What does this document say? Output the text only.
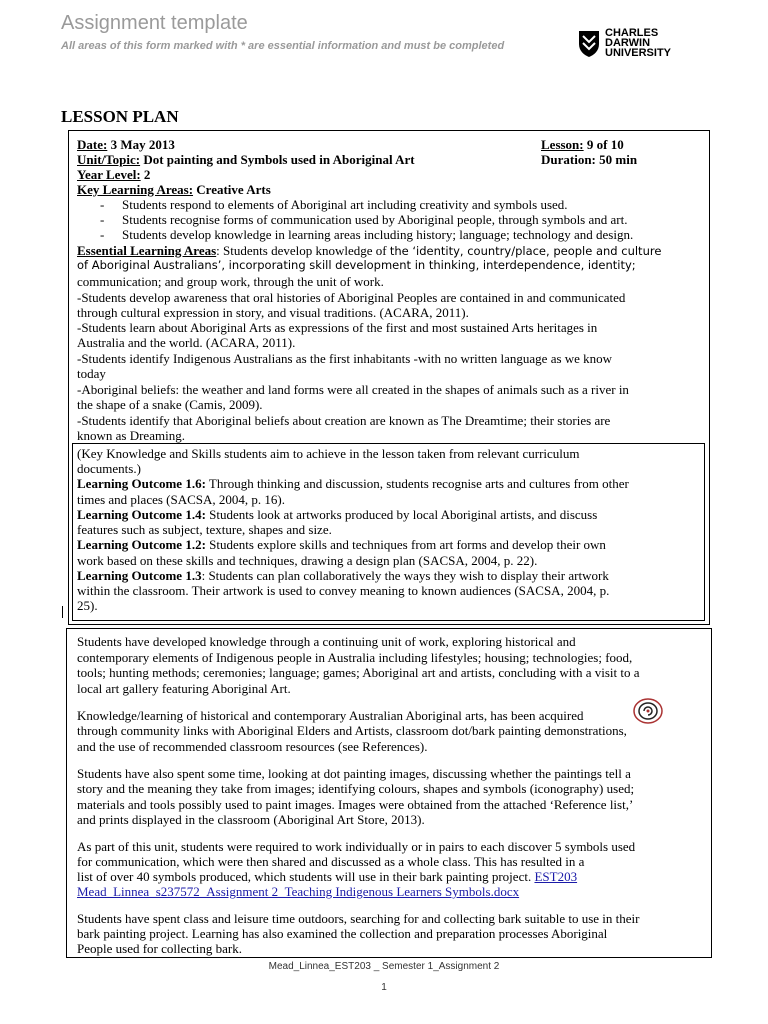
Assignment template
All areas of this form marked with * are essential information and must be completed
CHARLES
DARWIN
UNIVERSITY
LESSON PLAN
Date: 3 May 2013	Lesson: 9 of 10
Unit/Topic: Dot painting and Symbols used in Aboriginal Art	Duration: 50 min
Year Level: 2
Key Learning Areas: Creative Arts
- Students respond to elements of Aboriginal art including creativity and symbols used.
- Students recognise forms of communication used by Aboriginal people, through symbols and art.
- Students develop knowledge in learning areas including history; language; technology and design.
Essential Learning Areas: Students develop knowledge of the ‘identity, country/place, people and culture
of Aboriginal Australians’, incorporating skill development in thinking, interdependence, identity;
communication; and group work, through the unit of work.
-Students develop awareness that oral histories of Aboriginal Peoples are contained in and communicated
through cultural expression in story, and visual traditions. (ACARA, 2011).
-Students learn about Aboriginal Arts as expressions of the first and most sustained Arts heritages in
Australia and the world. (ACARA, 2011).
-Students identify Indigenous Australians as the first inhabitants -with no written language as we know
today
-Aboriginal beliefs: the weather and land forms were all created in the shapes of animals such as a river in
the shape of a snake (Camis, 2009).
-Students identify that Aboriginal beliefs about creation are known as The Dreamtime; their stories are
known as Dreaming.
(Key Knowledge and Skills students aim to achieve in the lesson taken from relevant curriculum
documents.)
Learning Outcome 1.6: Through thinking and discussion, students recognise arts and cultures from other
times and places (SACSA, 2004, p. 16).
Learning Outcome 1.4: Students look at artworks produced by local Aboriginal artists, and discuss
features such as subject, texture, shapes and size.
Learning Outcome 1.2: Students explore skills and techniques from art forms and develop their own
work based on these skills and techniques, drawing a design plan (SACSA, 2004, p. 22).
Learning Outcome 1.3: Students can plan collaboratively the ways they wish to display their artwork
within the classroom. Their artwork is used to convey meaning to known audiences (SACSA, 2004, p.
25).
Students have developed knowledge through a continuing unit of work, exploring historical and
contemporary elements of Indigenous people in Australia including lifestyles; housing; technologies; food,
tools; hunting methods; ceremonies; language; games; Aboriginal art and artists, concluding with a visit to a
local art gallery featuring Aboriginal Art.
Knowledge/learning of historical and contemporary Australian Aboriginal arts, has been acquired
through community links with Aboriginal Elders and Artists, classroom dot/bark painting demonstrations,
and the use of recommended classroom resources (see References).
Students have also spent some time, looking at dot painting images, discussing whether the paintings tell a
story and the meaning they take from images; identifying colours, shapes and symbols (iconography) used;
materials and tools possibly used to paint images. Images were obtained from the attached ‘Reference list,’
and prints displayed in the classroom (Aboriginal Art Store, 2013).
As part of this unit, students were required to work individually or in pairs to each discover 5 symbols used
for communication, which were then shared and discussed as a whole class. This has resulted in a
list of over 40 symbols produced, which students will use in their bark painting project. EST203
Mead_Linnea_s237572_Assignment 2_Teaching Indigenous Learners Symbols.docx
Students have spent class and leisure time outdoors, searching for and collecting bark suitable to use in their
bark painting project. Learning has also examined the collection and preparation processes Aboriginal
People used for collecting bark.
Mead_Linnea_EST203 _ Semester 1_Assignment 2
1
